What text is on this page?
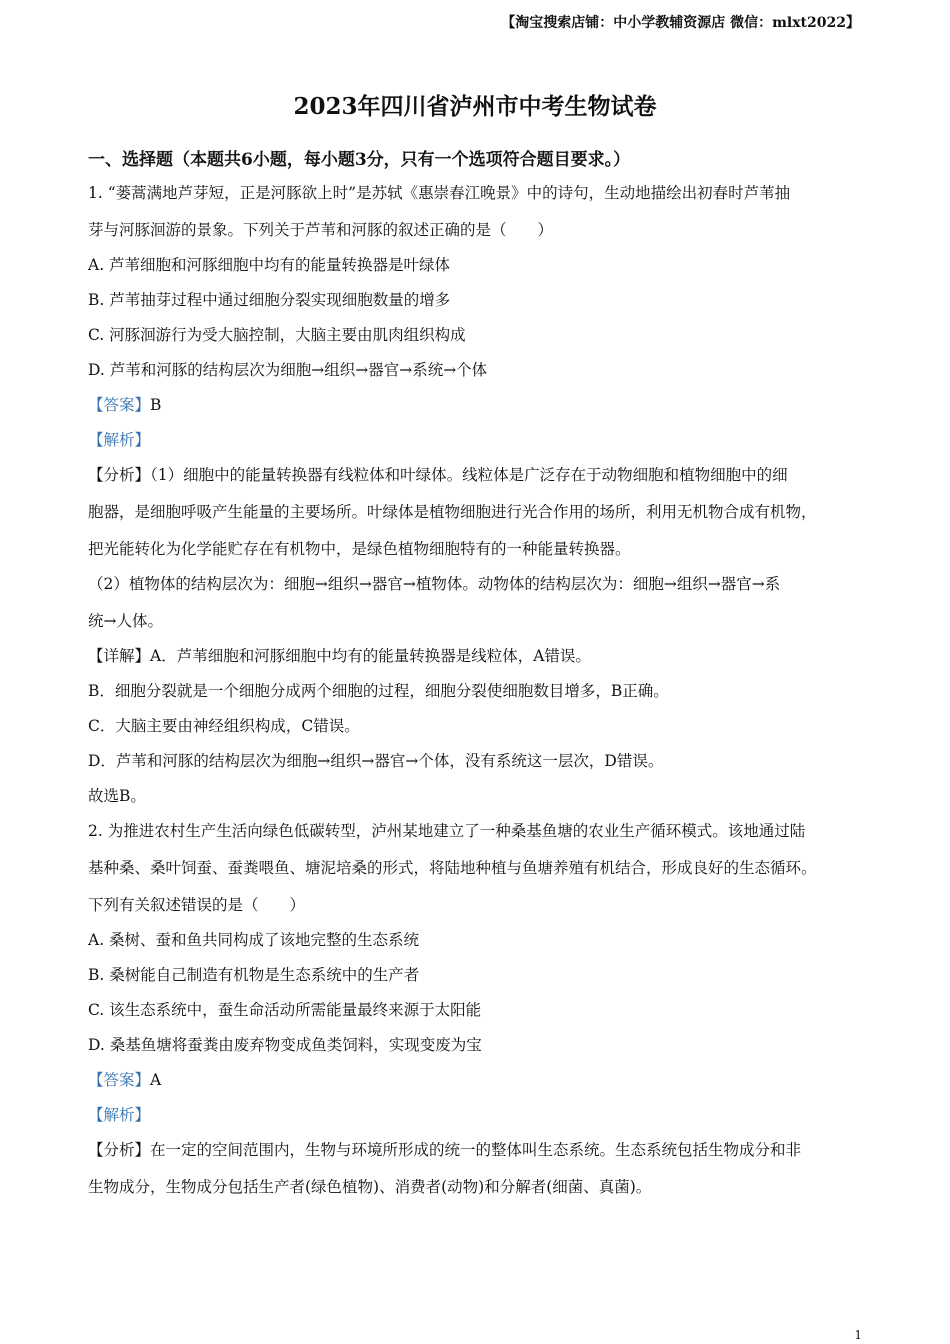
【淘宝搜索店铺：中小学教辅资源店 微信：mlxt2022】
2023年四川省泸州市中考生物试卷
一、选择题（本题共6小题，每小题3分，只有一个选项符合题目要求。）
1. “蒌蒿满地芦芽短，正是河豚欲上时”是苏轼《惠崇春江晚景》中的诗句，生动地描绘出初春时芦苇抽
芽与河豚洄游的景象。下列关于芦苇和河豚的叙述正确的是（　　）
A. 芦苇细胞和河豚细胞中均有的能量转换器是叶绿体
B. 芦苇抽芽过程中通过细胞分裂实现细胞数量的增多
C. 河豚洄游行为受大脑控制，大脑主要由肌肉组织构成
D. 芦苇和河豚的结构层次为细胞→组织→器官→系统→个体
【答案】B
【解析】
【分析】（1）细胞中的能量转换器有线粒体和叶绿体。线粒体是广泛存在于动物细胞和植物细胞中的细
胞器，是细胞呼吸产生能量的主要场所。叶绿体是植物细胞进行光合作用的场所，利用无机物合成有机物，
把光能转化为化学能贮存在有机物中，是绿色植物细胞特有的一种能量转换器。
（2）植物体的结构层次为：细胞→组织→器官→植物体。动物体的结构层次为：细胞→组织→器官→系
统→人体。
【详解】A．芦苇细胞和河豚细胞中均有的能量转换器是线粒体，A错误。
B．细胞分裂就是一个细胞分成两个细胞的过程，细胞分裂使细胞数目增多，B正确。
C．大脑主要由神经组织构成，C错误。
D．芦苇和河豚的结构层次为细胞→组织→器官→个体，没有系统这一层次，D错误。
故选B。
2. 为推进农村生产生活向绿色低碳转型，泸州某地建立了一种桑基鱼塘的农业生产循环模式。该地通过陆
基种桑、桑叶饲蚕、蚕粪喂鱼、塘泥培桑的形式，将陆地种植与鱼塘养殖有机结合，形成良好的生态循环。
下列有关叙述错误的是（　　）
A. 桑树、蚕和鱼共同构成了该地完整的生态系统
B. 桑树能自己制造有机物是生态系统中的生产者
C. 该生态系统中，蚕生命活动所需能量最终来源于太阳能
D. 桑基鱼塘将蚕粪由废弃物变成鱼类饲料，实现变废为宝
【答案】A
【解析】
【分析】在一定的空间范围内，生物与环境所形成的统一的整体叫生态系统。生态系统包括生物成分和非
生物成分，生物成分包括生产者(绿色植物)、消费者(动物)和分解者(细菌、真菌)。
1
